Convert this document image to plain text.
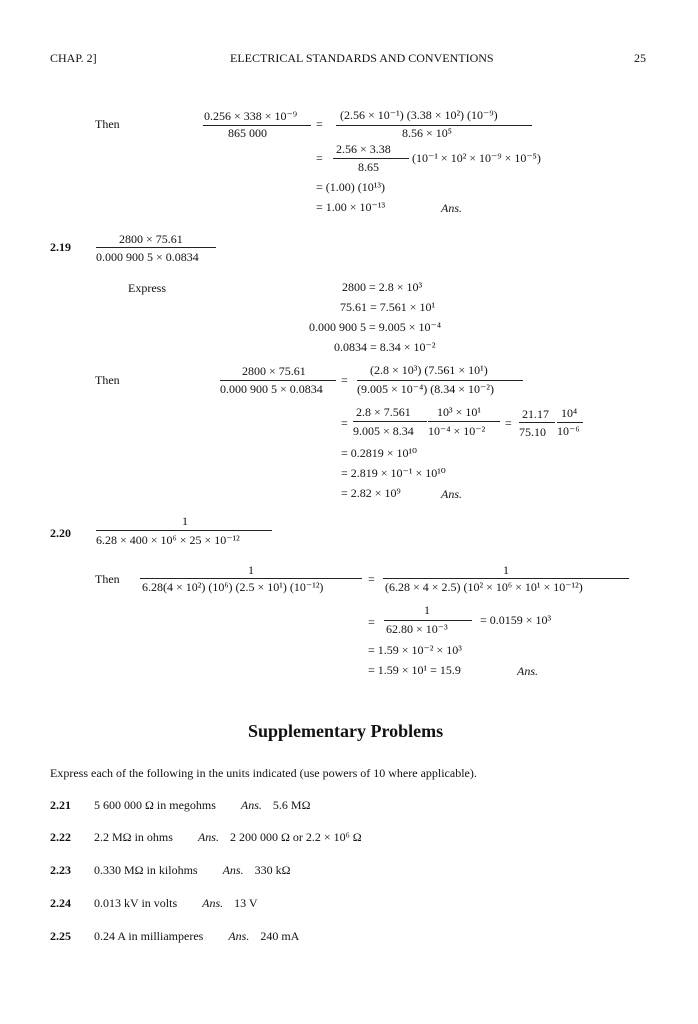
CHAP. 2]	ELECTRICAL STANDARDS AND CONVENTIONS	25
Then
0.256 × 338 × 10⁻⁹
865 000
=
(2.56 × 10⁻¹) (3.38 × 10²) (10⁻⁹)
8.56 × 10⁵
=
2.56 × 3.38
8.65
(10⁻¹ × 10² × 10⁻⁹ × 10⁻⁵)
= (1.00) (10¹³)
= 1.00 × 10⁻¹³	Ans.
2.19
2800 × 75.61
0.000 900 5 × 0.0834
Express	2800 = 2.8 × 10³
75.61 = 7.561 × 10¹
0.000 900 5 = 9.005 × 10⁻⁴
0.0834 = 8.34 × 10⁻²
Then
2800 × 75.61
0.000 900 5 × 0.0834
=
(2.8 × 10³) (7.561 × 10¹)
(9.005 × 10⁻⁴) (8.34 × 10⁻²)
=
2.8 × 7.561
9.005 × 8.34
10³ × 10¹
10⁻⁴ × 10⁻²
=
21.17
75.10
10⁴
10⁻⁶
= 0.2819 × 10¹⁰
= 2.819 × 10⁻¹ × 10¹⁰
= 2.82 × 10⁹	Ans.
2.20
1
6.28 × 400 × 10⁶ × 25 × 10⁻¹²
Then
1
6.28(4 × 10²) (10⁶) (2.5 × 10¹) (10⁻¹²)
=
1
(6.28 × 4 × 2.5) (10² × 10⁶ × 10¹ × 10⁻¹²)
=
1
62.80 × 10⁻³
= 0.0159 × 10³
= 1.59 × 10⁻² × 10³
= 1.59 × 10¹ = 15.9	Ans.
Supplementary Problems
Express each of the following in the units indicated (use powers of 10 where applicable).
2.21 5 600 000 Ω in megohms Ans. 5.6 MΩ
2.22 2.2 MΩ in ohms Ans. 2 200 000 Ω or 2.2 × 10⁶ Ω
2.23 0.330 MΩ in kilohms Ans. 330 kΩ
2.24 0.013 kV in volts Ans. 13 V
2.25 0.24 A in milliamperes Ans. 240 mA
